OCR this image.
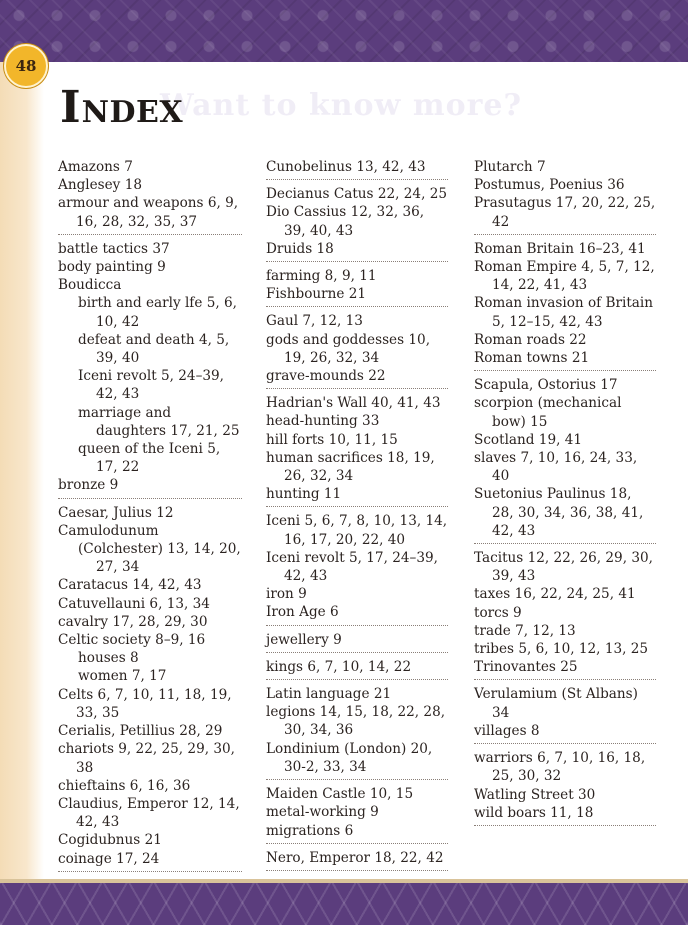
48
Want to know more?
INDEX
Amazons 7
Anglesey 18
armour and weapons 6, 9, 16, 28, 32, 35, 37
battle tactics 37
body painting 9
Boudicca
birth and early lfe 5, 6, 10, 42
defeat and death 4, 5, 39, 40
Iceni revolt 5, 24–39, 42, 43
marriage and daughters 17, 21, 25
queen of the Iceni 5, 17, 22
bronze 9
Caesar, Julius 12
Camulodunum
(Colchester) 13, 14, 20, 27, 34
Caratacus 14, 42, 43
Catuvellauni 6, 13, 34
cavalry 17, 28, 29, 30
Celtic society 8–9, 16
houses 8
women 7, 17
Celts 6, 7, 10, 11, 18, 19, 33, 35
Cerialis, Petillius 28, 29
chariots 9, 22, 25, 29, 30, 38
chieftains 6, 16, 36
Claudius, Emperor 12, 14, 42, 43
Cogidubnus 21
coinage 17, 24
Cunobelinus 13, 42, 43
Decianus Catus 22, 24, 25
Dio Cassius 12, 32, 36, 39, 40, 43
Druids 18
farming 8, 9, 11
Fishbourne 21
Gaul 7, 12, 13
gods and goddesses 10, 19, 26, 32, 34
grave-mounds 22
Hadrian's Wall 40, 41, 43
head-hunting 33
hill forts 10, 11, 15
human sacrifices 18, 19, 26, 32, 34
hunting 11
Iceni 5, 6, 7, 8, 10, 13, 14, 16, 17, 20, 22, 40
Iceni revolt 5, 17, 24–39, 42, 43
iron 9
Iron Age 6
jewellery 9
kings 6, 7, 10, 14, 22
Latin language 21
legions 14, 15, 18, 22, 28, 30, 34, 36
Londinium (London) 20, 30-2, 33, 34
Maiden Castle 10, 15
metal-working 9
migrations 6
Nero, Emperor 18, 22, 42
Plutarch 7
Postumus, Poenius 36
Prasutagus 17, 20, 22, 25, 42
Roman Britain 16–23, 41
Roman Empire 4, 5, 7, 12, 14, 22, 41, 43
Roman invasion of Britain 5, 12–15, 42, 43
Roman roads 22
Roman towns 21
Scapula, Ostorius 17
scorpion (mechanical bow) 15
Scotland 19, 41
slaves 7, 10, 16, 24, 33, 40
Suetonius Paulinus 18, 28, 30, 34, 36, 38, 41, 42, 43
Tacitus 12, 22, 26, 29, 30, 39, 43
taxes 16, 22, 24, 25, 41
torcs 9
trade 7, 12, 13
tribes 5, 6, 10, 12, 13, 25
Trinovantes 25
Verulamium (St Albans) 34
villages 8
warriors 6, 7, 10, 16, 18, 25, 30, 32
Watling Street 30
wild boars 11, 18
